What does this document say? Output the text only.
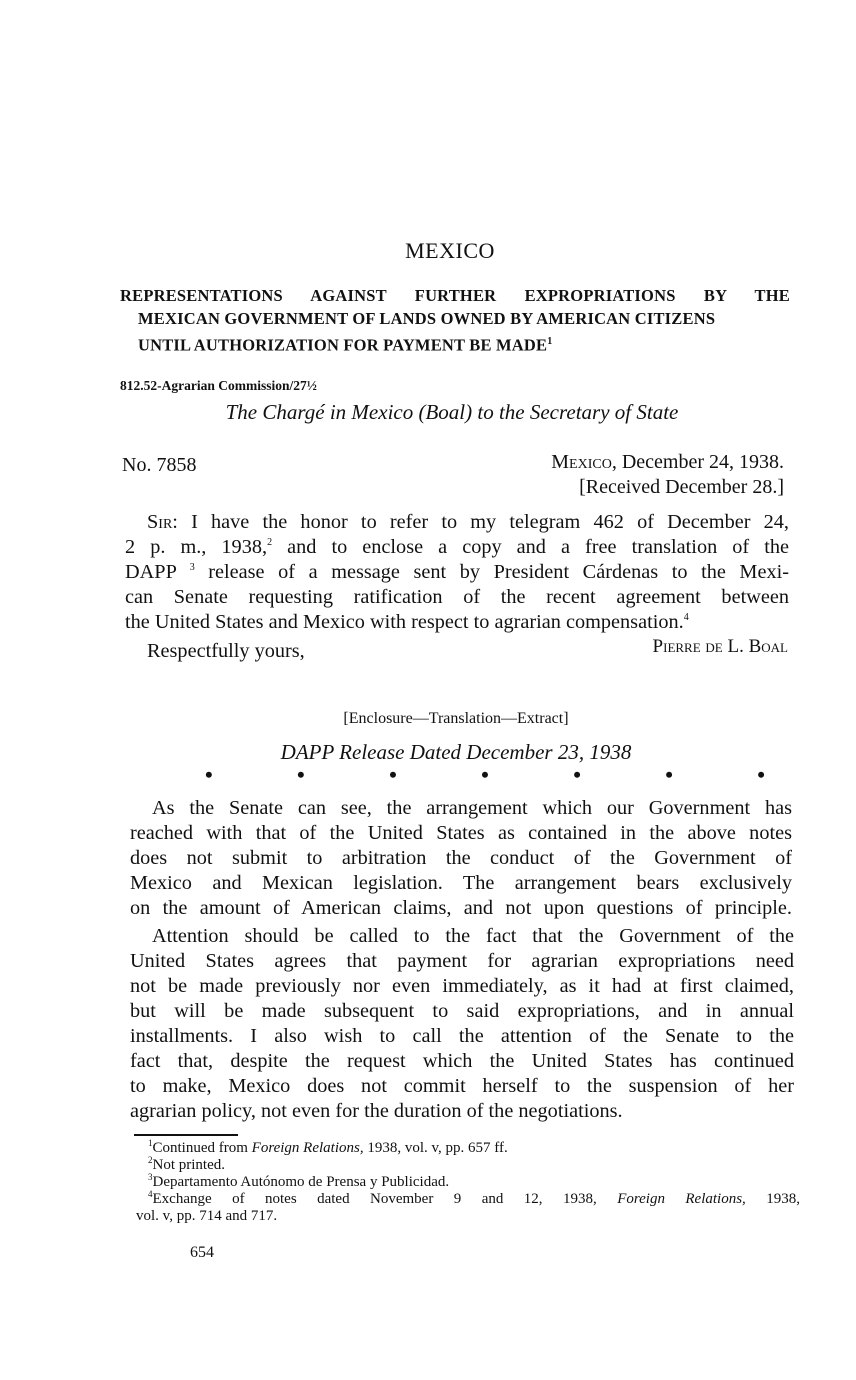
MEXICO
REPRESENTATIONS AGAINST FURTHER EXPROPRIATIONS BY THE
MEXICAN GOVERNMENT OF LANDS OWNED BY AMERICAN CITIZENS
UNTIL AUTHORIZATION FOR PAYMENT BE MADE$^1$
812.52-Agrarian Commission/27½
The Chargé in Mexico (Boal) to the Secretary of State
No. 7858	Mexico, December 24, 1938.
[Received December 28.]
Sir: I have the honor to refer to my telegram 462 of December 24,
2 p. m., 1938,$^2$ and to enclose a copy and a free translation of the
DAPP $^3$ release of a message sent by President Cárdenas to the Mexi-
can Senate requesting ratification of the recent agreement between
the United States and Mexico with respect to agrarian compensation.$^4$
Respectfully yours,	Pierre de L. Boal
[Enclosure—Translation—Extract]
DAPP Release Dated December 23, 1938
•	•	•	•	•	•	•
As the Senate can see, the arrangement which our Government has
reached with that of the United States as contained in the above notes
does not submit to arbitration the conduct of the Government of
Mexico and Mexican legislation. The arrangement bears exclusively
on the amount of American claims, and not upon questions of principle.
Attention should be called to the fact that the Government of the
United States agrees that payment for agrarian expropriations need
not be made previously nor even immediately, as it had at first claimed,
but will be made subsequent to said expropriations, and in annual
installments. I also wish to call the attention of the Senate to the
fact that, despite the request which the United States has continued
to make, Mexico does not commit herself to the suspension of her
agrarian policy, not even for the duration of the negotiations.
$^1$Continued from Foreign Relations, 1938, vol. v, pp. 657 ff.
$^2$Not printed.
$^3$Departamento Autónomo de Prensa y Publicidad.
$^4$Exchange of notes dated November 9 and 12, 1938, Foreign Relations, 1938,
vol. v, pp. 714 and 717.
654
